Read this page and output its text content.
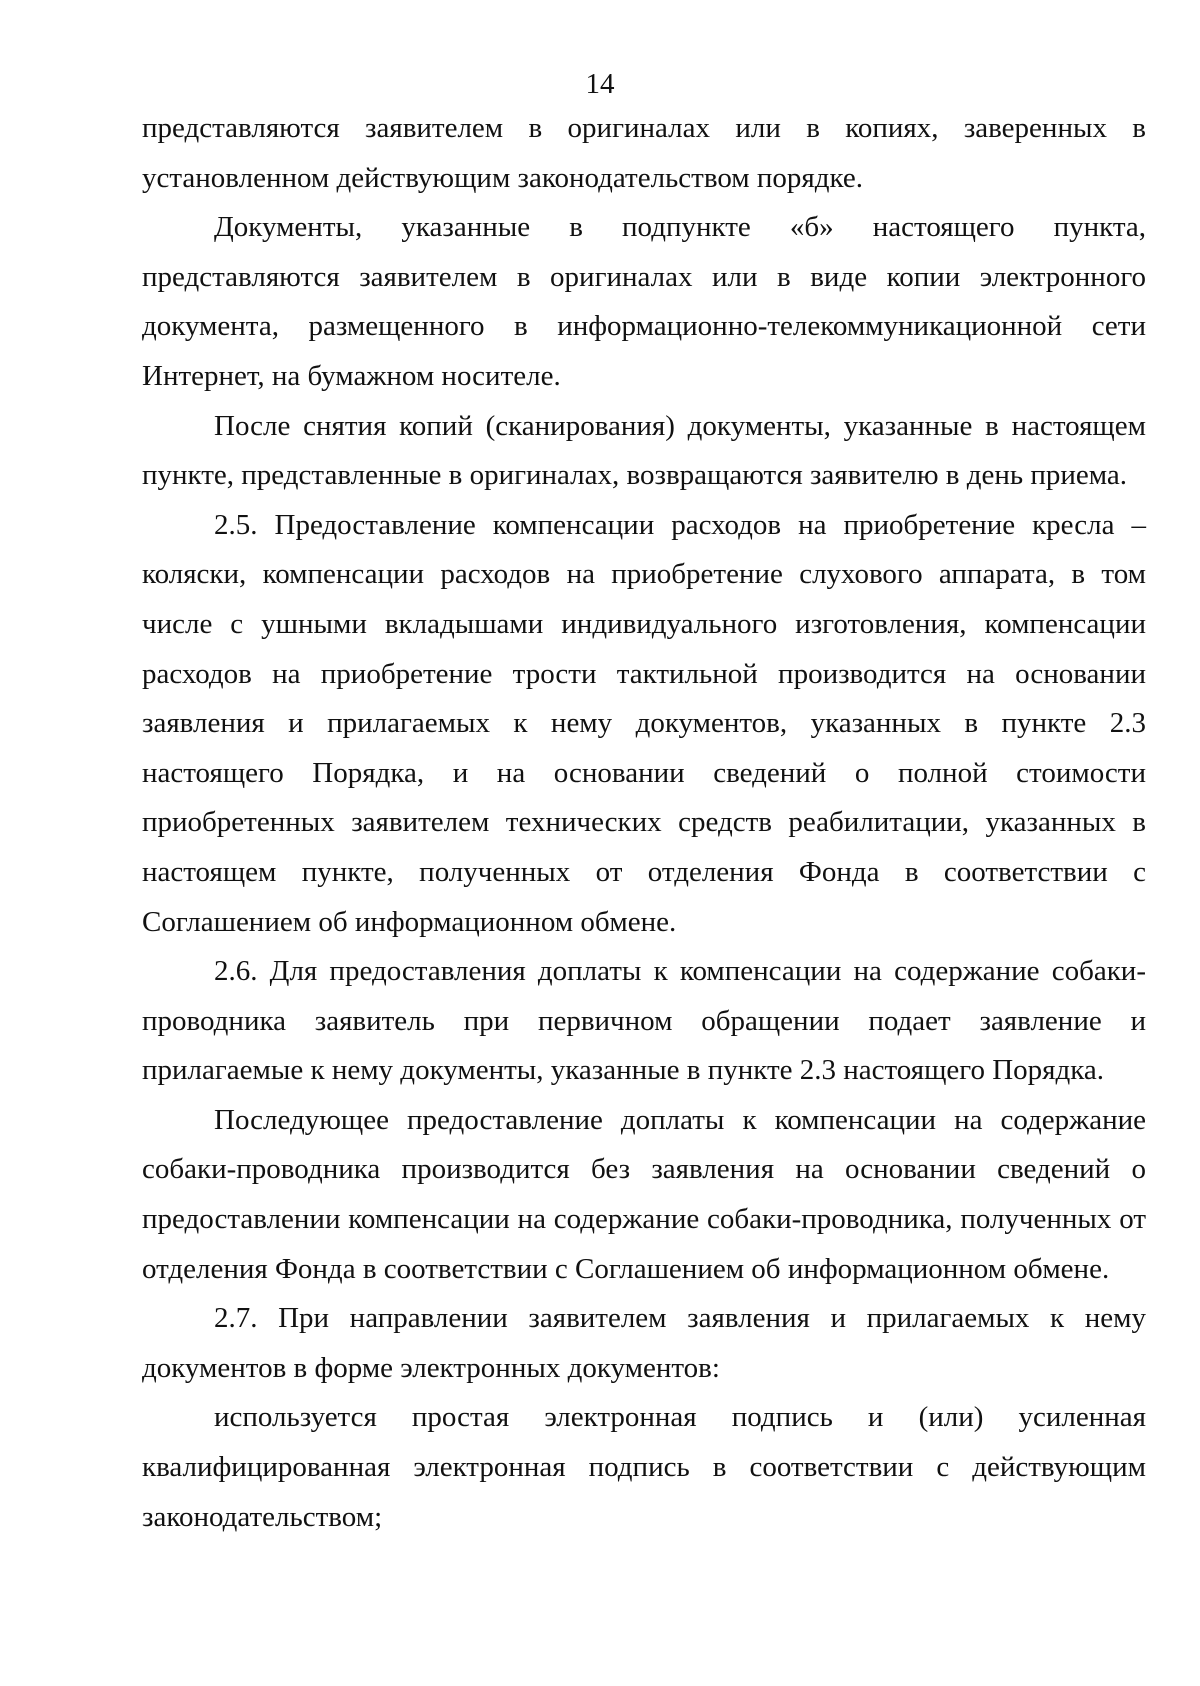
14

представляются заявителем в оригиналах или в копиях, заверенных в установленном действующим законодательством порядке.

Документы, указанные в подпункте «б» настоящего пункта, представляются заявителем в оригиналах или в виде копии электронного документа, размещенного в информационно-телекоммуникационной сети Интернет, на бумажном носителе.

После снятия копий (сканирования) документы, указанные в настоящем пункте, представленные в оригиналах, возвращаются заявителю в день приема.

2.5. Предоставление компенсации расходов на приобретение кресла – коляски, компенсации расходов на приобретение слухового аппарата, в том числе с ушными вкладышами индивидуального изготовления, компенсации расходов на приобретение трости тактильной производится на основании заявления и прилагаемых к нему документов, указанных в пункте 2.3 настоящего Порядка, и на основании сведений о полной стоимости приобретенных заявителем технических средств реабилитации, указанных в настоящем пункте, полученных от отделения Фонда в соответствии с Соглашением об информационном обмене.

2.6. Для предоставления доплаты к компенсации на содержание собаки-проводника заявитель при первичном обращении подает заявление и прилагаемые к нему документы, указанные в пункте 2.3 настоящего Порядка.

Последующее предоставление доплаты к компенсации на содержание собаки-проводника производится без заявления на основании сведений о предоставлении компенсации на содержание собаки-проводника, полученных от отделения Фонда в соответствии с Соглашением об информационном обмене.

2.7. При направлении заявителем заявления и прилагаемых к нему документов в форме электронных документов:

используется простая электронная подпись и (или) усиленная квалифицированная электронная подпись в соответствии с действующим законодательством;
